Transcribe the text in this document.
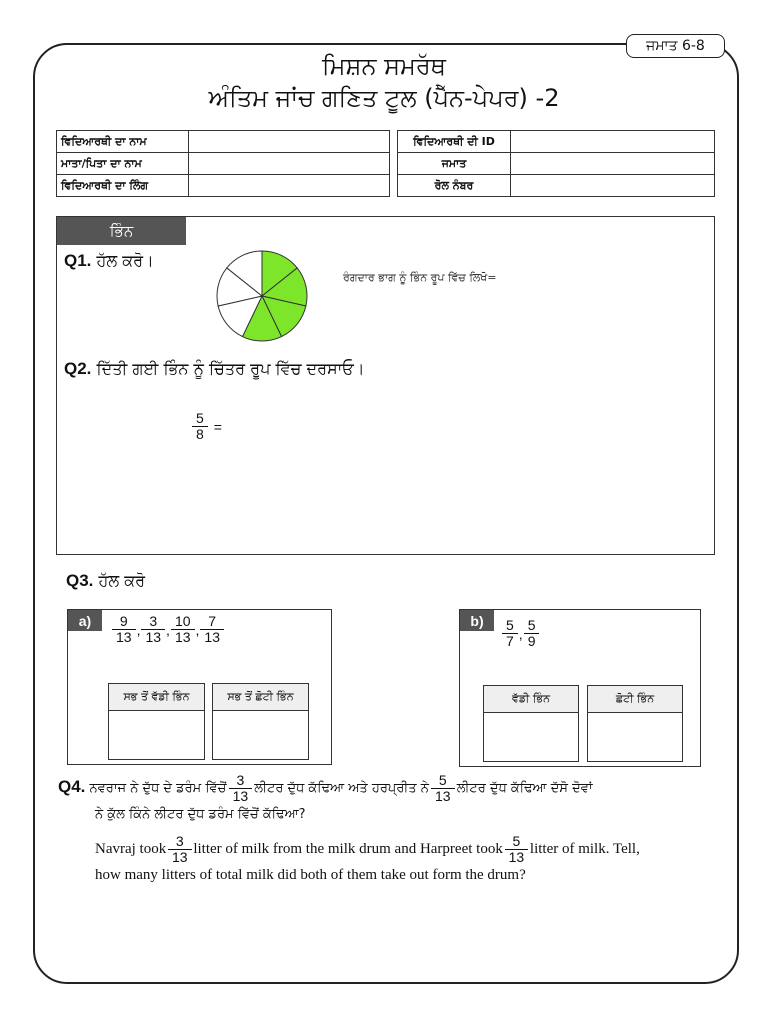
ਜਮਾਤ 6-8
ਮਿਸ਼ਨ ਸਮਰੱਥ
ਅੰਤਿਮ ਜਾਂਚ ਗਣਿਤ ਟੂਲ (ਪੈੱਨ-ਪੇਪਰ) -2
ਵਿਦਿਆਰਥੀ ਦਾ ਨਾਮ	
ਮਾਤਾ/ਪਿਤਾ ਦਾ ਨਾਮ	
ਵਿਦਿਆਰਥੀ ਦਾ ਲਿੰਗ	
ਵਿਦਿਆਰਥੀ ਦੀ ID	
ਜਮਾਤ	
ਰੋਲ ਨੰਬਰ	
ਭਿੰਨ
Q1. ਹੱਲ ਕਰੋ।
ਰੰਗਦਾਰ ਭਾਗ ਨੂੰ ਭਿੰਨ ਰੂਪ ਵਿੱਚ ਲਿਖੋ=
Q2. ਦਿੱਤੀ ਗਈ ਭਿੰਨ ਨੂੰ ਚਿੱਤਰ ਰੂਪ ਵਿੱਚ ਦਰਸਾਓ।
$\frac{5}{8}$ =
Q3. ਹੱਲ ਕਰੋ
a)	$\frac{9}{13}$ , $\frac{3}{13}$ , $\frac{10}{13}$ , $\frac{7}{13}$
ਸਭ ਤੋਂ ਵੱਡੀ ਭਿੰਨ	ਸਭ ਤੋਂ ਛੋਟੀ ਭਿੰਨ
b)	$\frac{5}{7}$ , $\frac{5}{9}$
ਵੱਡੀ ਭਿੰਨ	ਛੋਟੀ ਭਿੰਨ
Q4. ਨਵਰਾਜ ਨੇ ਦੁੱਧ ਦੇ ਡਰੰਮ ਵਿੱਚੋਂ $\frac{3}{13}$ ਲੀਟਰ ਦੁੱਧ ਕੱਢਿਆ ਅਤੇ ਹਰਪ੍ਰੀਤ ਨੇ $\frac{5}{13}$ ਲੀਟਰ ਦੁੱਧ ਕੱਢਿਆ ਦੱਸੋ ਦੋਵਾਂ
ਨੇ ਕੁੱਲ ਕਿੰਨੇ ਲੀਟਰ ਦੁੱਧ ਡਰੰਮ ਵਿੱਚੋਂ ਕੱਢਿਆ?
Navraj took $\frac{3}{13}$ litter of milk from the milk drum and Harpreet took $\frac{5}{13}$ litter of milk. Tell,
how many litters of total milk did both of them take out form the drum?
